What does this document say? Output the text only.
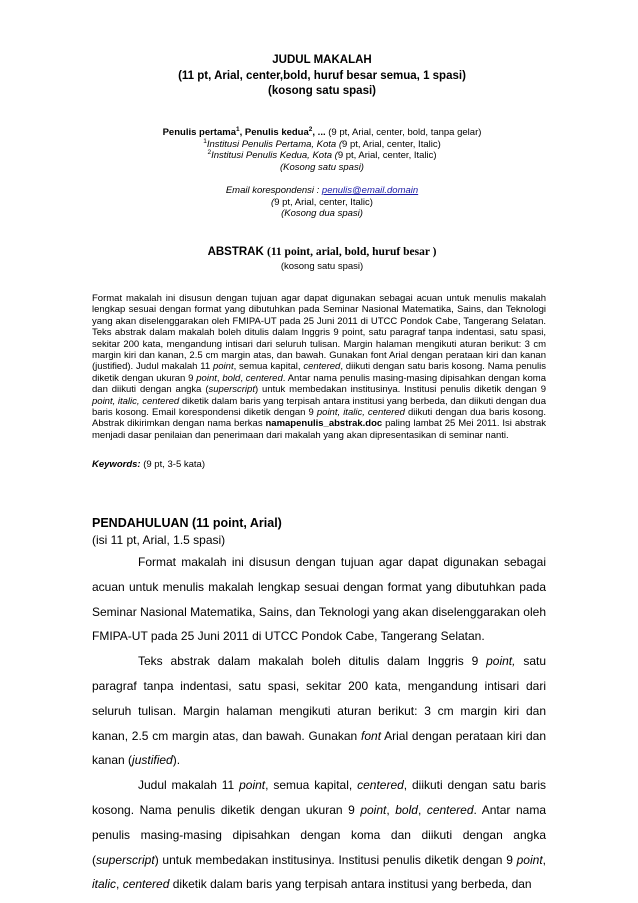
JUDUL MAKALAH
(11 pt, Arial, center,bold, huruf besar semua, 1 spasi)
(kosong satu spasi)
Penulis pertama$^1$, Penulis kedua$^2$, ... (9 pt, Arial, center, bold, tanpa gelar)
$^1$Institusi Penulis Pertama, Kota (9 pt, Arial, center, Italic)
$^2$Institusi Penulis Kedua, Kota (9 pt, Arial, center, Italic)
(Kosong satu spasi)
Email korespondensi : penulis@email.domain
(9 pt, Arial, center, Italic)
(Kosong dua spasi)
ABSTRAK (11 point, arial, bold, huruf besar )
(kosong satu spasi)
Format makalah ini disusun dengan tujuan agar dapat digunakan sebagai acuan untuk menulis makalah lengkap sesuai dengan format yang dibutuhkan pada Seminar Nasional Matematika, Sains, dan Teknologi yang akan diselenggarakan oleh FMIPA-UT pada 25 Juni 2011 di UTCC Pondok Cabe, Tangerang Selatan. Teks abstrak dalam makalah boleh ditulis dalam Inggris 9 point, satu paragraf tanpa indentasi, satu spasi, sekitar 200 kata, mengandung intisari dari seluruh tulisan. Margin halaman mengikuti aturan berikut: 3 cm margin kiri dan kanan, 2.5 cm margin atas, dan bawah. Gunakan font Arial dengan perataan kiri dan kanan (justified). Judul makalah 11 point, semua kapital, centered, diikuti dengan satu baris kosong. Nama penulis diketik dengan ukuran 9 point, bold, centered. Antar nama penulis masing-masing dipisahkan dengan koma dan diikuti dengan angka (superscript) untuk membedakan institusinya. Institusi penulis diketik dengan 9 point, italic, centered diketik dalam baris yang terpisah antara institusi yang berbeda, dan diikuti dengan dua baris kosong. Email korespondensi diketik dengan 9 point, italic, centered diikuti dengan dua baris kosong. Abstrak dikirimkan dengan nama berkas namapenulis_abstrak.doc paling lambat 25 Mei 2011. Isi abstrak menjadi dasar penilaian dan penerimaan dari makalah yang akan dipresentasikan di seminar nanti.
Keywords: (9 pt, 3-5 kata)
PENDAHULUAN (11 point, Arial)
(isi 11 pt, Arial, 1.5 spasi)

Format makalah ini disusun dengan tujuan agar dapat digunakan sebagai acuan untuk menulis makalah lengkap sesuai dengan format yang dibutuhkan pada Seminar Nasional Matematika, Sains, dan Teknologi yang akan diselenggarakan oleh FMIPA-UT pada 25 Juni 2011 di UTCC Pondok Cabe, Tangerang Selatan.

Teks abstrak dalam makalah boleh ditulis dalam Inggris 9 point, satu paragraf tanpa indentasi, satu spasi, sekitar 200 kata, mengandung intisari dari seluruh tulisan. Margin halaman mengikuti aturan berikut: 3 cm margin kiri dan kanan, 2.5 cm margin atas, dan bawah. Gunakan font Arial dengan perataan kiri dan kanan (justified).

Judul makalah 11 point, semua kapital, centered, diikuti dengan satu baris kosong. Nama penulis diketik dengan ukuran 9 point, bold, centered. Antar nama penulis masing-masing dipisahkan dengan koma dan diikuti dengan angka (superscript) untuk membedakan institusinya. Institusi penulis diketik dengan 9 point, italic, centered diketik dalam baris yang terpisah antara institusi yang berbeda, dan
